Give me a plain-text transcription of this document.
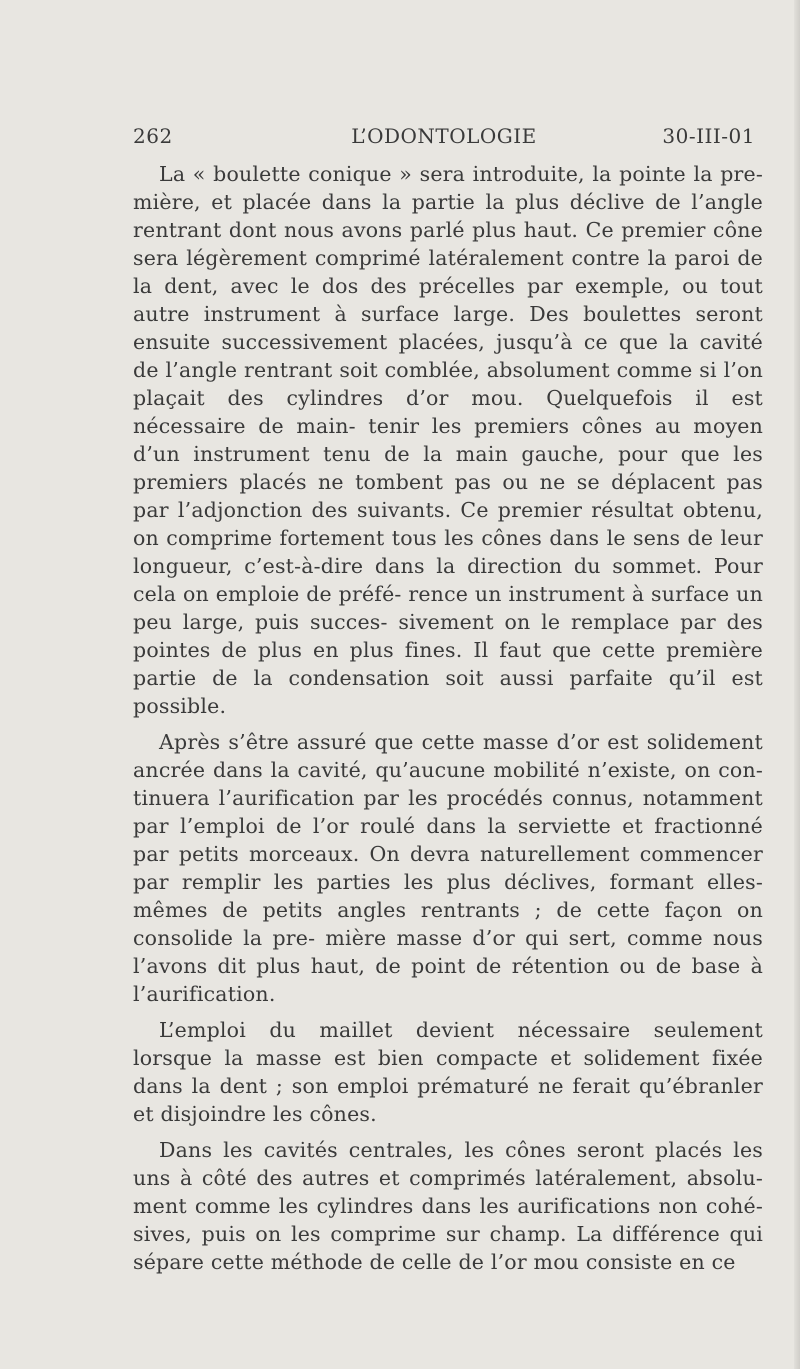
262	L’ODONTOLOGIE	30-III-01

La « boulette conique » sera introduite, la pointe la pre- mière, et placée dans la partie la plus déclive de l’angle rentrant dont nous avons parlé plus haut. Ce premier cône sera légèrement comprimé latéralement contre la paroi de la dent, avec le dos des précelles par exemple, ou tout autre instrument à surface large. Des boulettes seront ensuite successivement placées, jusqu’à ce que la cavité de l’angle rentrant soit comblée, absolument comme si l’on plaçait des cylindres d’or mou. Quelquefois il est nécessaire de main- tenir les premiers cônes au moyen d’un instrument tenu de la main gauche, pour que les premiers placés ne tombent pas ou ne se déplacent pas par l’adjonction des suivants. Ce premier résultat obtenu, on comprime fortement tous les cônes dans le sens de leur longueur, c’est-à-dire dans la direction du sommet. Pour cela on emploie de préfé- rence un instrument à surface un peu large, puis succes- sivement on le remplace par des pointes de plus en plus fines. Il faut que cette première partie de la condensation soit aussi parfaite qu’il est possible.

Après s’être assuré que cette masse d’or est solidement ancrée dans la cavité, qu’aucune mobilité n’existe, on con- tinuera l’aurification par les procédés connus, notamment par l’emploi de l’or roulé dans la serviette et fractionné par petits morceaux. On devra naturellement commencer par remplir les parties les plus déclives, formant elles-mêmes de petits angles rentrants ; de cette façon on consolide la pre- mière masse d’or qui sert, comme nous l’avons dit plus haut, de point de rétention ou de base à l’aurification.

L’emploi du maillet devient nécessaire seulement lorsque la masse est bien compacte et solidement fixée dans la dent ; son emploi prématuré ne ferait qu’ébranler et disjoindre les cônes.

Dans les cavités centrales, les cônes seront placés les uns à côté des autres et comprimés latéralement, absolu- ment comme les cylindres dans les aurifications non cohé- sives, puis on les comprime sur champ. La différence qui sépare cette méthode de celle de l’or mou consiste en ce
